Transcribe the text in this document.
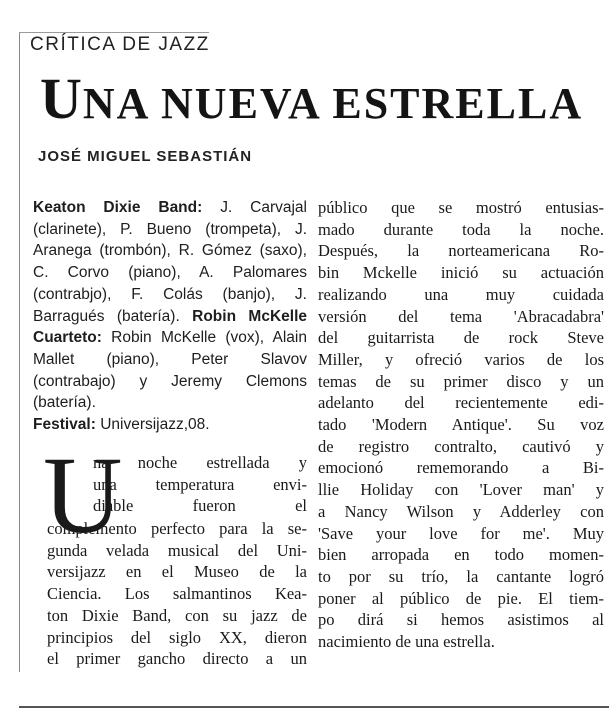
CRÍTICA DE JAZZ
UNA NUEVA ESTRELLA
JOSÉ MIGUEL SEBASTIÁN
Keaton Dixie Band: J. Carvajal (clarinete), P. Bueno (trompeta), J. Aranega (trombón), R. Gómez (saxo), C. Corvo (piano), A. Palomares (contrabjo), F. Colás (banjo), J. Barragués (batería). Robin McKelle Cuarteto: Robin McKelle (vox), Alain Mallet (piano), Peter Slavov (contrabajo) y Jeremy Clemons (batería).
Festival: Universijazz,08.
U
na noche estrellada y
una temperatura envi-
diable fueron el
complemento perfecto para la se-
gunda velada musical del Uni-
versijazz en el Museo de la
Ciencia. Los salmantinos Kea-
ton Dixie Band, con su jazz de
principios del siglo XX, dieron
el primer gancho directo a un
público que se mostró entusias-
mado durante toda la noche.
Después, la norteamericana Ro-
bin Mckelle inició su actuación
realizando una muy cuidada
versión del tema 'Abracadabra'
del guitarrista de rock Steve
Miller, y ofreció varios de los
temas de su primer disco y un
adelanto del recientemente edi-
tado 'Modern Antique'. Su voz
de registro contralto, cautivó y
emocionó rememorando a Bi-
llie Holiday con 'Lover man' y
a Nancy Wilson y Adderley con
'Save your love for me'. Muy
bien arropada en todo momen-
to por su trío, la cantante logró
poner al público de pie. El tiem-
po dirá si hemos asistimos al
nacimiento de una estrella.
